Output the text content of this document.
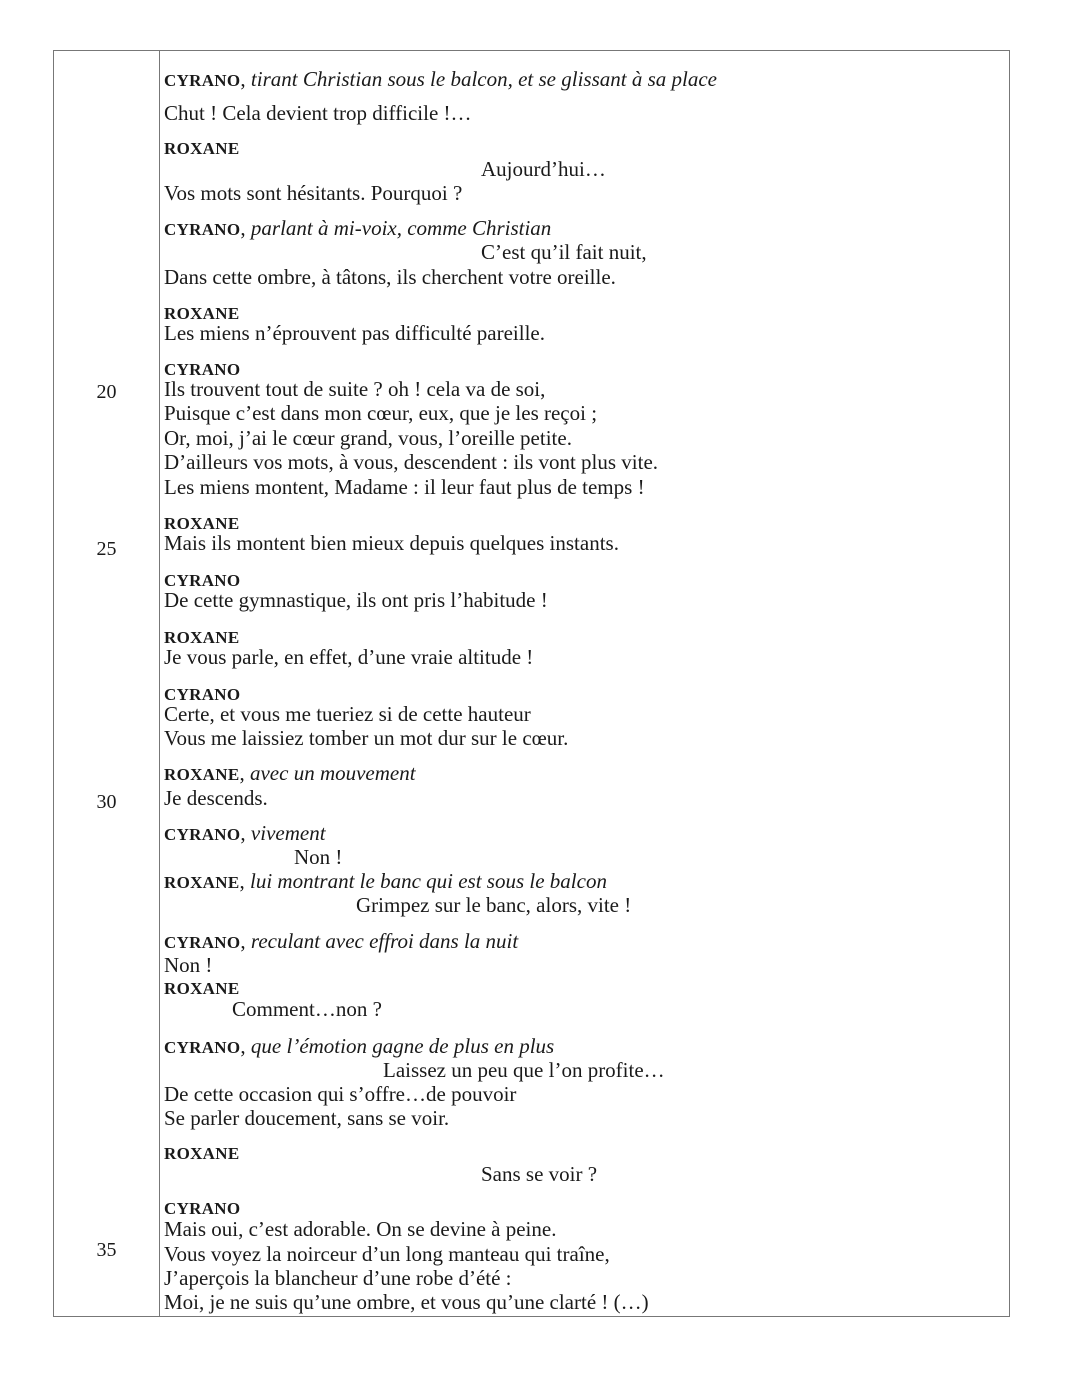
20
25
30
35
CYRANO, tirant Christian sous le balcon, et se glissant à sa place
Chut ! Cela devient trop difficile !…
ROXANE
Aujourd’hui…
Vos mots sont hésitants. Pourquoi ?
CYRANO, parlant à mi-voix, comme Christian
C’est qu’il fait nuit,
Dans cette ombre, à tâtons, ils cherchent votre oreille.
ROXANE
Les miens n’éprouvent pas difficulté pareille.
CYRANO
Ils trouvent tout de suite ? oh ! cela va de soi,
Puisque c’est dans mon cœur, eux, que je les reçoi ;
Or, moi, j’ai le cœur grand, vous, l’oreille petite.
D’ailleurs vos mots, à vous, descendent : ils vont plus vite.
Les miens montent, Madame : il leur faut plus de temps !
ROXANE
Mais ils montent bien mieux depuis quelques instants.
CYRANO
De cette gymnastique, ils ont pris l’habitude !
ROXANE
Je vous parle, en effet, d’une vraie altitude !
CYRANO
Certe, et vous me tueriez si de cette hauteur
Vous me laissiez tomber un mot dur sur le cœur.
ROXANE, avec un mouvement
Je descends.
CYRANO, vivement
Non !
ROXANE, lui montrant le banc qui est sous le balcon
Grimpez sur le banc, alors, vite !
CYRANO, reculant avec effroi dans la nuit
Non !
ROXANE
Comment…non ?
CYRANO, que l’émotion gagne de plus en plus
Laissez un peu que l’on profite…
De cette occasion qui s’offre…de pouvoir
Se parler doucement, sans se voir.
ROXANE
Sans se voir ?
CYRANO
Mais oui, c’est adorable. On se devine à peine.
Vous voyez la noirceur d’un long manteau qui traîne,
J’aperçois la blancheur d’une robe d’été :
Moi, je ne suis qu’une ombre, et vous qu’une clarté ! (…)
